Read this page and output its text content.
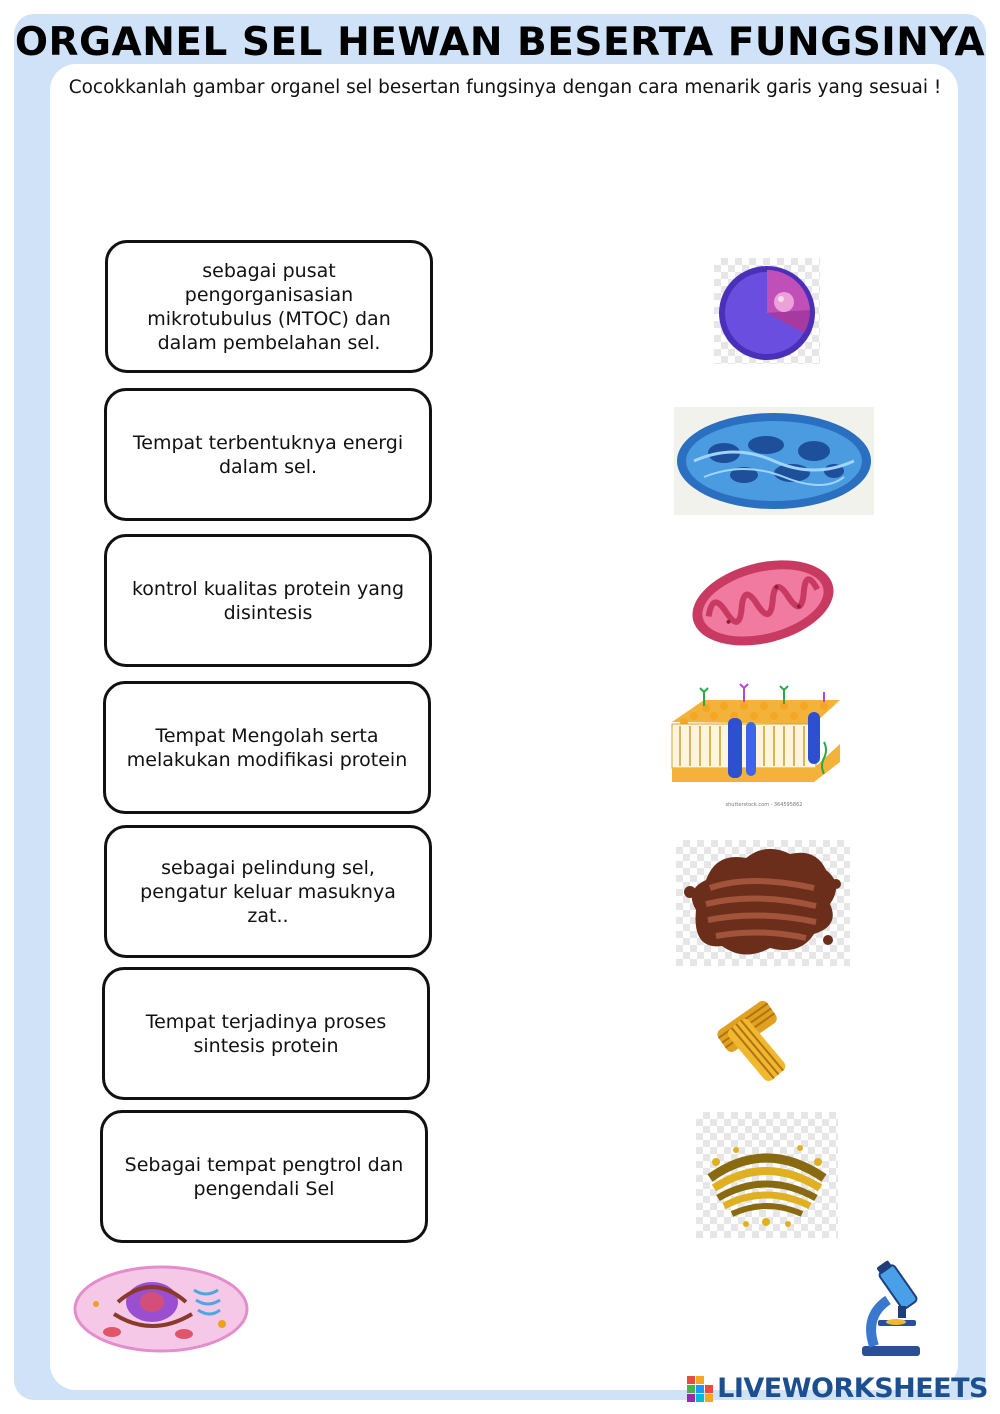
ORGANEL SEL HEWAN BESERTA FUNGSINYA
Cocokkanlah gambar organel sel besertan fungsinya dengan cara menarik garis yang sesuai !
sebagai pusat pengorganisasian mikrotubulus (MTOC) dan dalam pembelahan sel.
Tempat terbentuknya energi dalam sel.
kontrol kualitas protein yang disintesis
Tempat Mengolah serta melakukan modifikasi protein
sebagai pelindung sel, pengatur keluar masuknya zat..
Tempat terjadinya proses sintesis protein
Sebagai tempat pengtrol dan pengendali Sel
shutterstock.com · 364595862
LIVEWORKSHEETS
